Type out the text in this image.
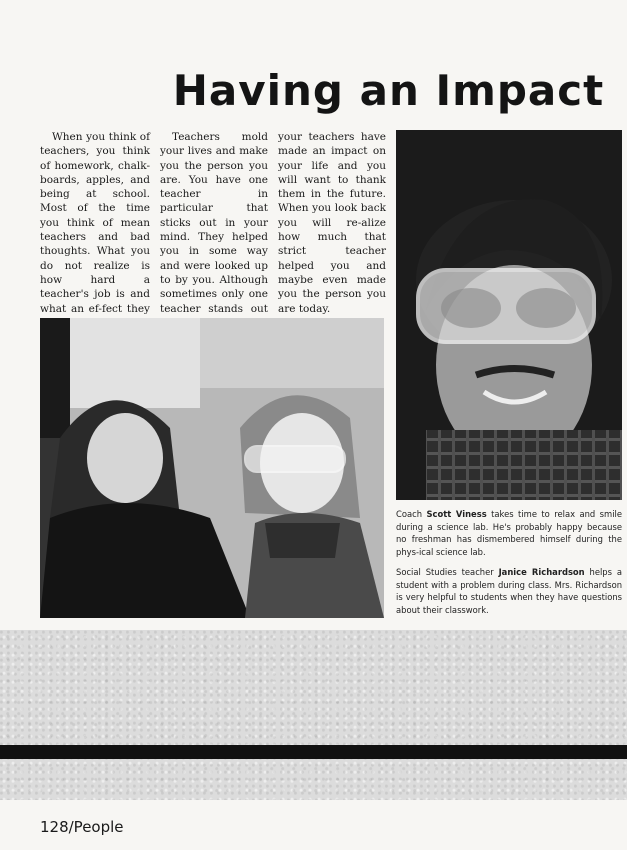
Having an Impact

When you think of teachers, you think of homework, chalk-boards, apples, and being at school. Most of the time you think of mean teachers and bad thoughts. What you do not realize is how hard a teacher's job is and what an ef-fect they

Teachers mold your lives and make you the person you are. You have one teacher in particular that sticks out in your mind. They helped you in some way and were looked up to by you. Although sometimes only one teacher stands out

your teachers have made an impact on your life and you will want to thank them in the future. When you look back you will re-alize how much that strict teacher helped you and maybe even made you the person you are today.

Coach Scott Viness takes time to relax and smile during a science lab. He's probably happy because no freshman has dismembered himself during the phys-ical science lab.

Social Studies teacher Janice Richardson helps a student with a problem during class. Mrs. Richardson is very helpful to students when they have questions about their classwork.

128/People
